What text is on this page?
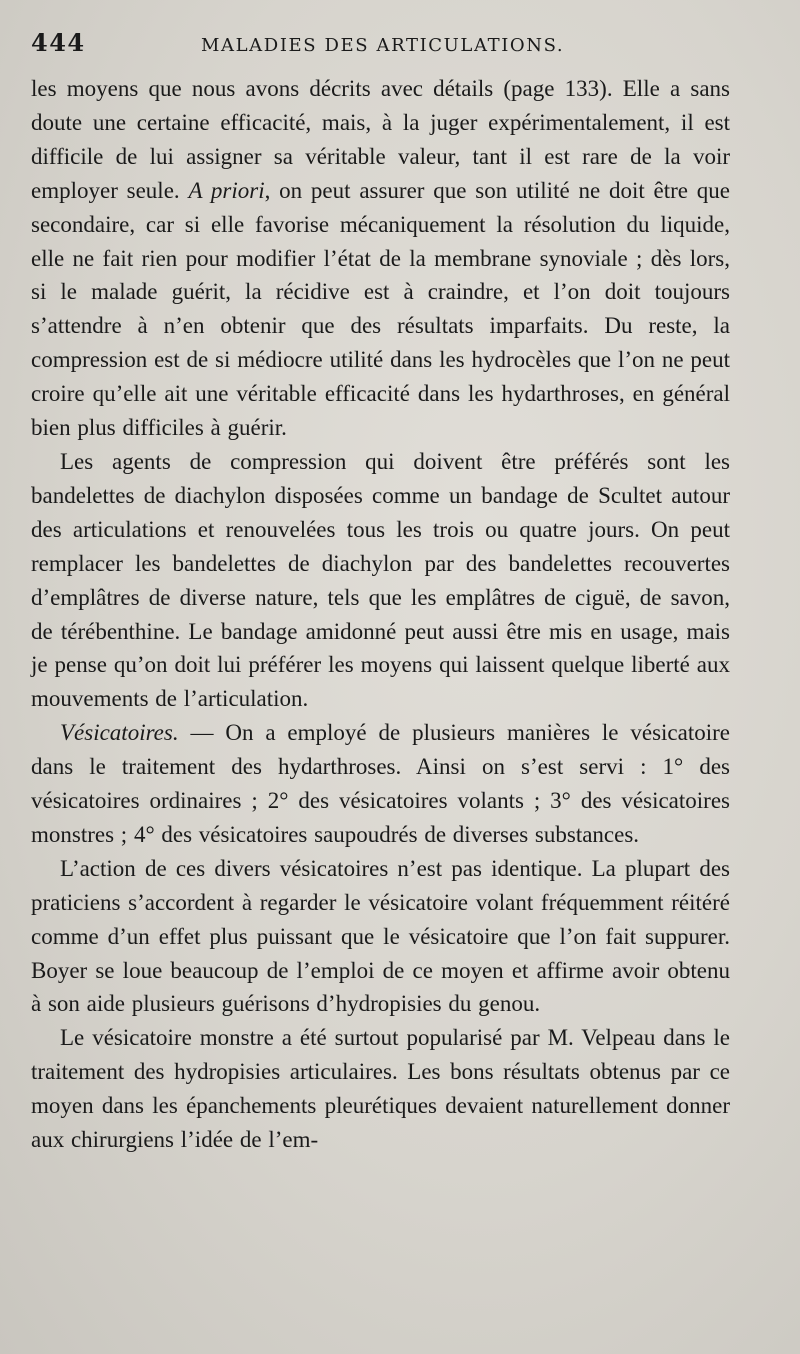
444	MALADIES DES ARTICULATIONS.

les moyens que nous avons décrits avec détails (page 133). Elle a sans doute une certaine efficacité, mais, à la juger expérimentalement, il est difficile de lui assigner sa véritable valeur, tant il est rare de la voir employer seule. A priori, on peut assurer que son utilité ne doit être que secondaire, car si elle favorise mécaniquement la résolution du liquide, elle ne fait rien pour modifier l’état de la membrane synoviale ; dès lors, si le malade guérit, la récidive est à craindre, et l’on doit toujours s’attendre à n’en obtenir que des résultats imparfaits. Du reste, la compression est de si médiocre utilité dans les hydrocèles que l’on ne peut croire qu’elle ait une véritable efficacité dans les hydarthroses, en général bien plus difficiles à guérir.

Les agents de compression qui doivent être préférés sont les bandelettes de diachylon disposées comme un bandage de Scultet autour des articulations et renouvelées tous les trois ou quatre jours. On peut remplacer les bandelettes de diachylon par des bandelettes recouvertes d’emplâtres de diverse nature, tels que les emplâtres de ciguë, de savon, de térébenthine. Le bandage amidonné peut aussi être mis en usage, mais je pense qu’on doit lui préférer les moyens qui laissent quelque liberté aux mouvements de l’articulation.

Vésicatoires. — On a employé de plusieurs manières le vésicatoire dans le traitement des hydarthroses. Ainsi on s’est servi : 1° des vésicatoires ordinaires ; 2° des vésicatoires volants ; 3° des vésicatoires monstres ; 4° des vésicatoires saupoudrés de diverses substances.

L’action de ces divers vésicatoires n’est pas identique. La plupart des praticiens s’accordent à regarder le vésicatoire volant fréquemment réitéré comme d’un effet plus puissant que le vésicatoire que l’on fait suppurer. Boyer se loue beaucoup de l’emploi de ce moyen et affirme avoir obtenu à son aide plusieurs guérisons d’hydropisies du genou.

Le vésicatoire monstre a été surtout popularisé par M. Velpeau dans le traitement des hydropisies articulaires. Les bons résultats obtenus par ce moyen dans les épanchements pleurétiques devaient naturellement donner aux chirurgiens l’idée de l’em-
